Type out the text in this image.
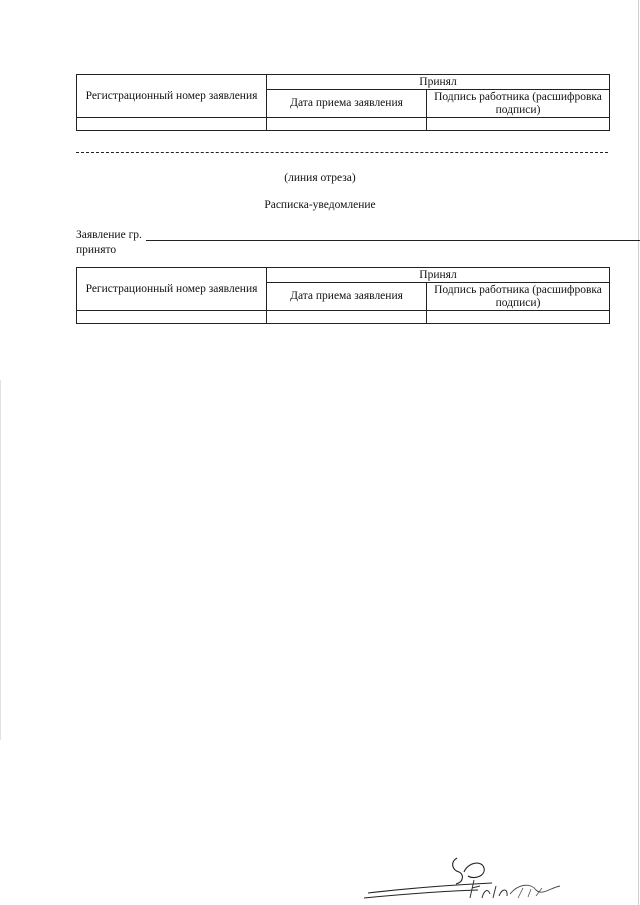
Регистрационный номер заявления	Принял	
	Дата приема заявления	Подпись работника (расшифровка подписи)

(линия отреза)
Расписка-уведомление
Заявление гр.
принято
Регистрационный номер заявления	Принял	
	Дата приема заявления	Подпись работника (расшифровка подписи)
